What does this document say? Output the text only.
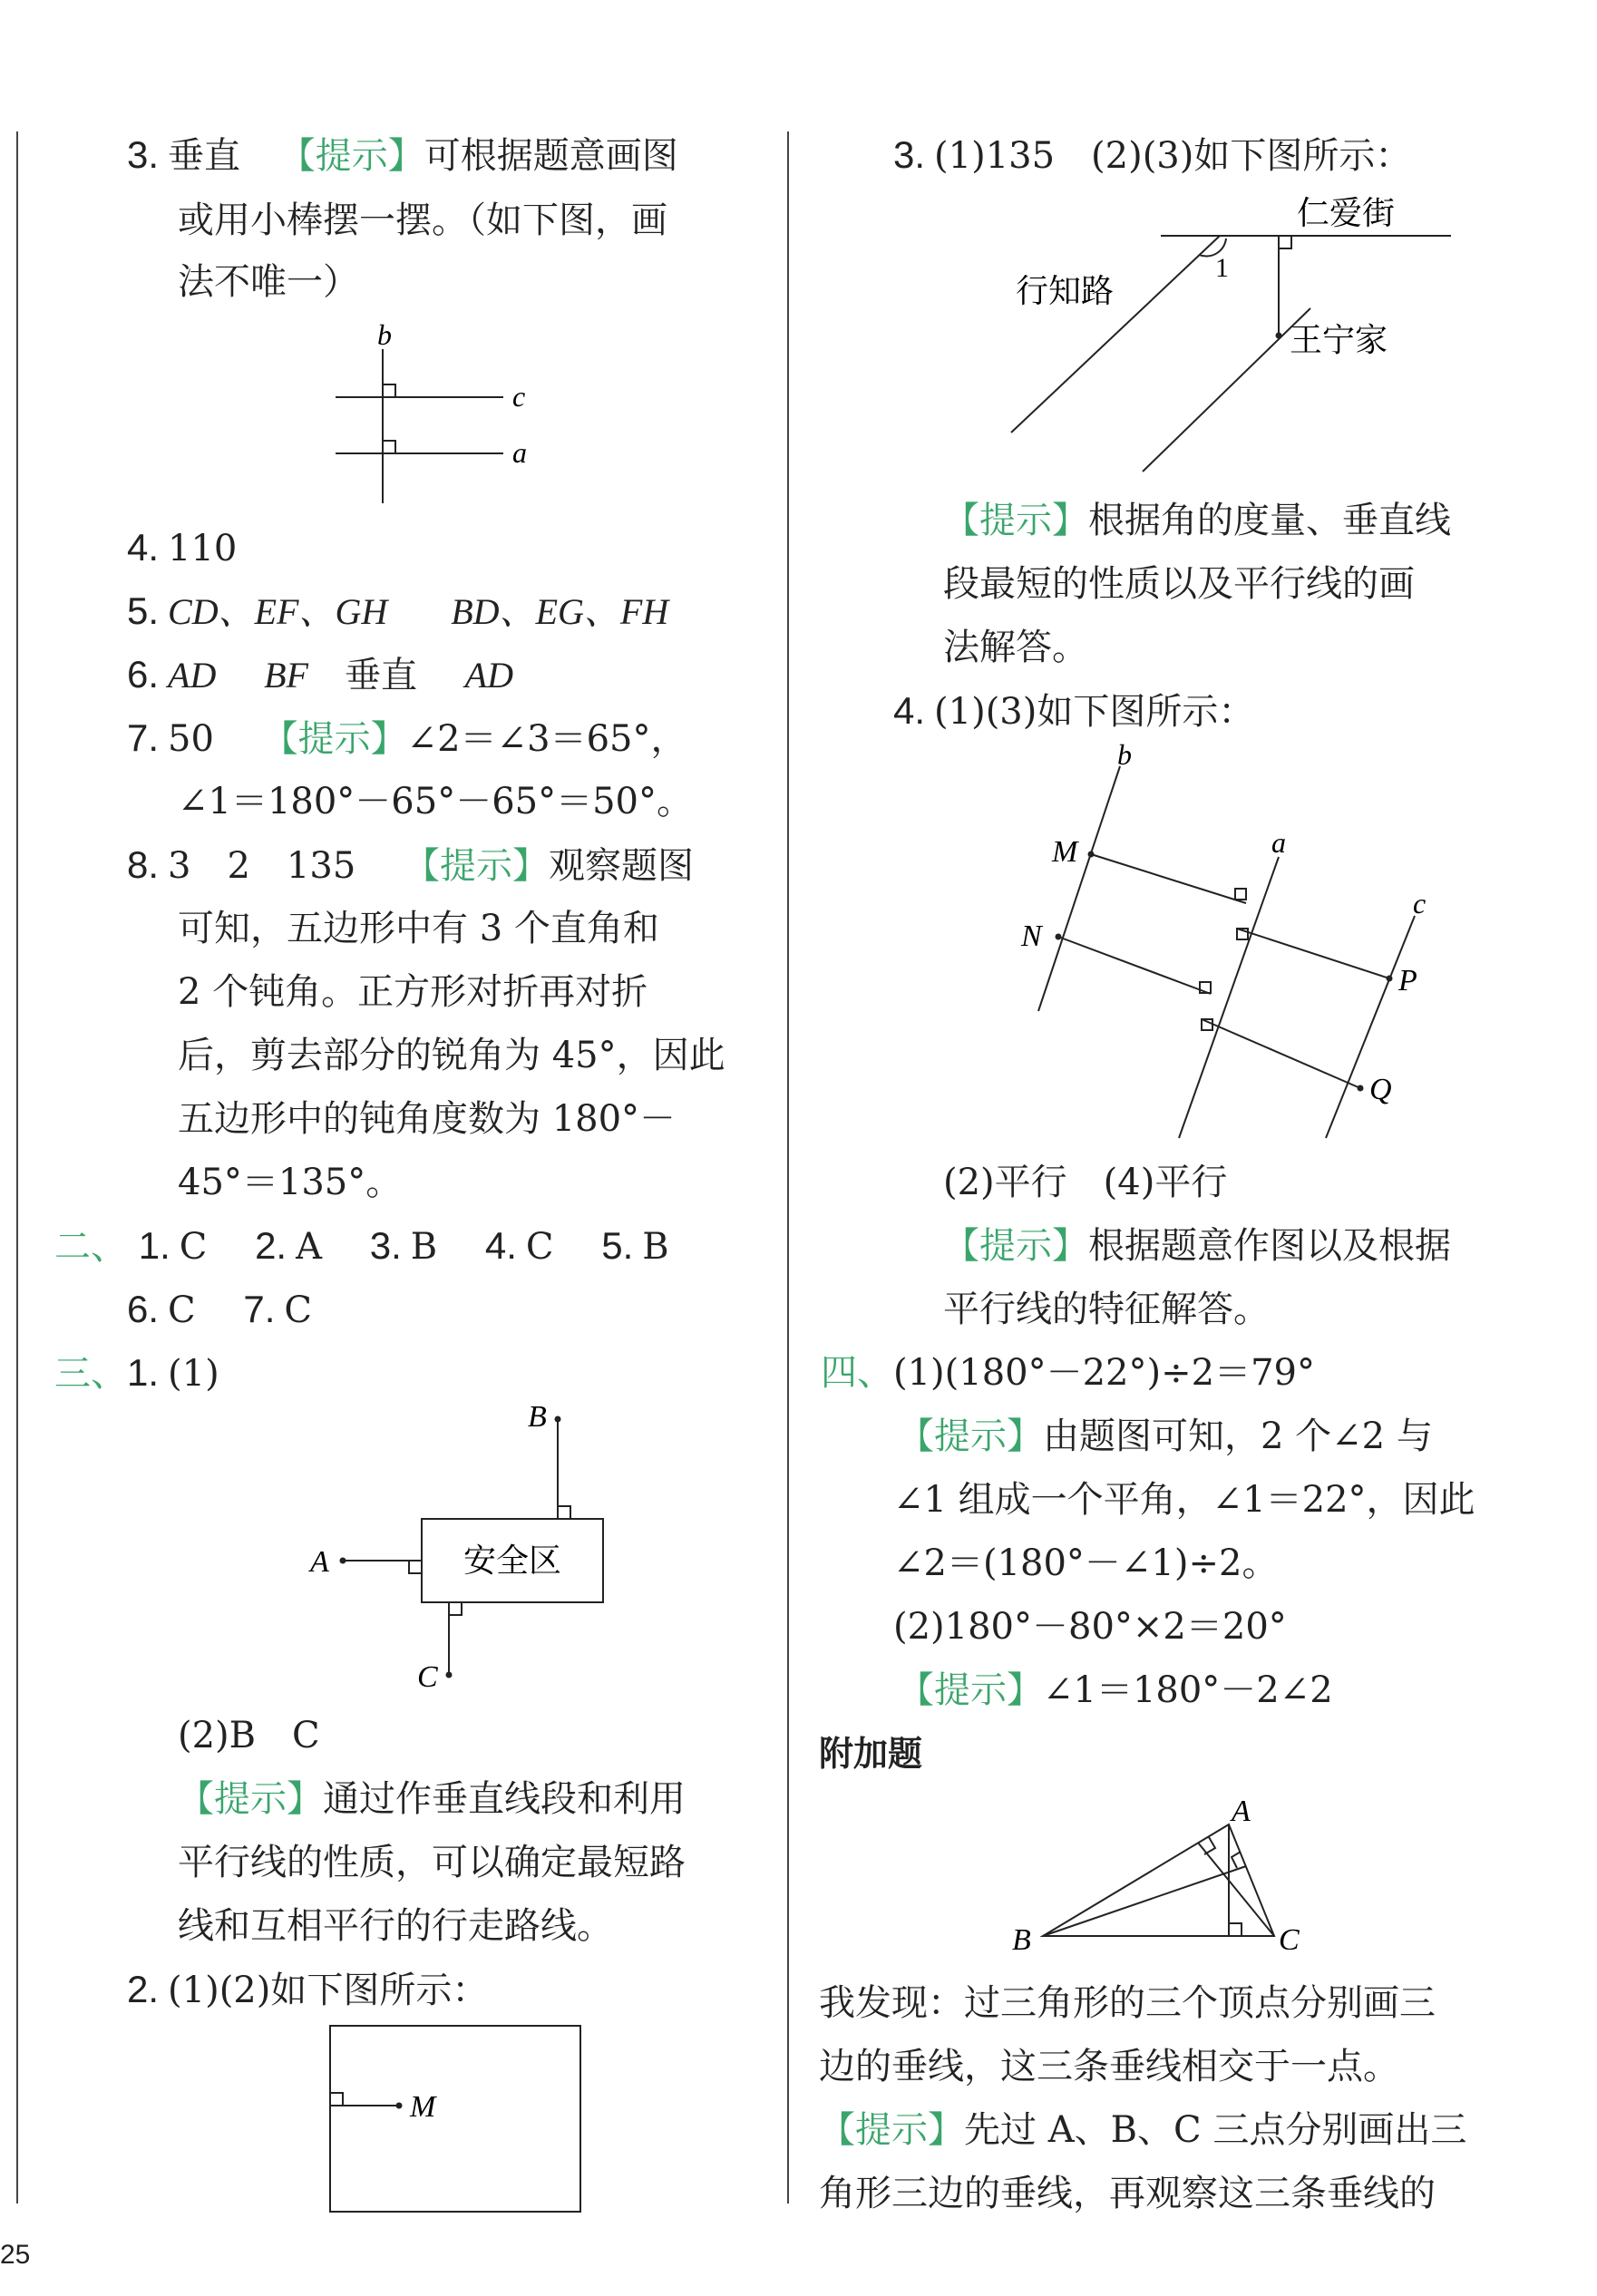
3. 垂直 【提示】可根据题意画图
或用小棒摆一摆。（如下图，画
法不唯一）
b
c
a
4. 110
5. CD、EF、GH BD、EG、FH
6. AD BF 垂直 AD
7. 50 【提示】∠2＝∠3＝65°，
∠1＝180°－65°－65°＝50°。
8. 3　2　135 【提示】观察题图
可知，五边形中有 3 个直角和
2 个钝角。正方形对折再对折
后，剪去部分的锐角为 45°，因此
五边形中的钝角度数为 180°－
45°＝135°。
二、 1. C 2. A 3. B 4. C 5. B
6. C 7. C
三、1. (1)
B
A
C
安全区
(2)B　C
【提示】通过作垂直线段和利用
平行线的性质，可以确定最短路
线和互相平行的行走路线。
2. (1)(2)如下图所示：
M
25
3. (1)135　(2)(3)如下图所示：
1
仁爱街
行知路
王宁家
【提示】根据角的度量、垂直线
段最短的性质以及平行线的画
法解答。
4. (1)(3)如下图所示：
b
a
c
M
N
P
Q
(2)平行　(4)平行
【提示】根据题意作图以及根据
平行线的特征解答。
四、(1)(180°－22°)÷2＝79°
【提示】由题图可知，2 个∠2 与
∠1 组成一个平角，∠1＝22°，因此
∠2＝(180°－∠1)÷2。
(2)180°－80°×2＝20°
【提示】∠1＝180°－2∠2
附加题
A
B	C
我发现：过三角形的三个顶点分别画三
边的垂线，这三条垂线相交于一点。
【提示】先过 A、B、C 三点分别画出三
角形三边的垂线，再观察这三条垂线的
